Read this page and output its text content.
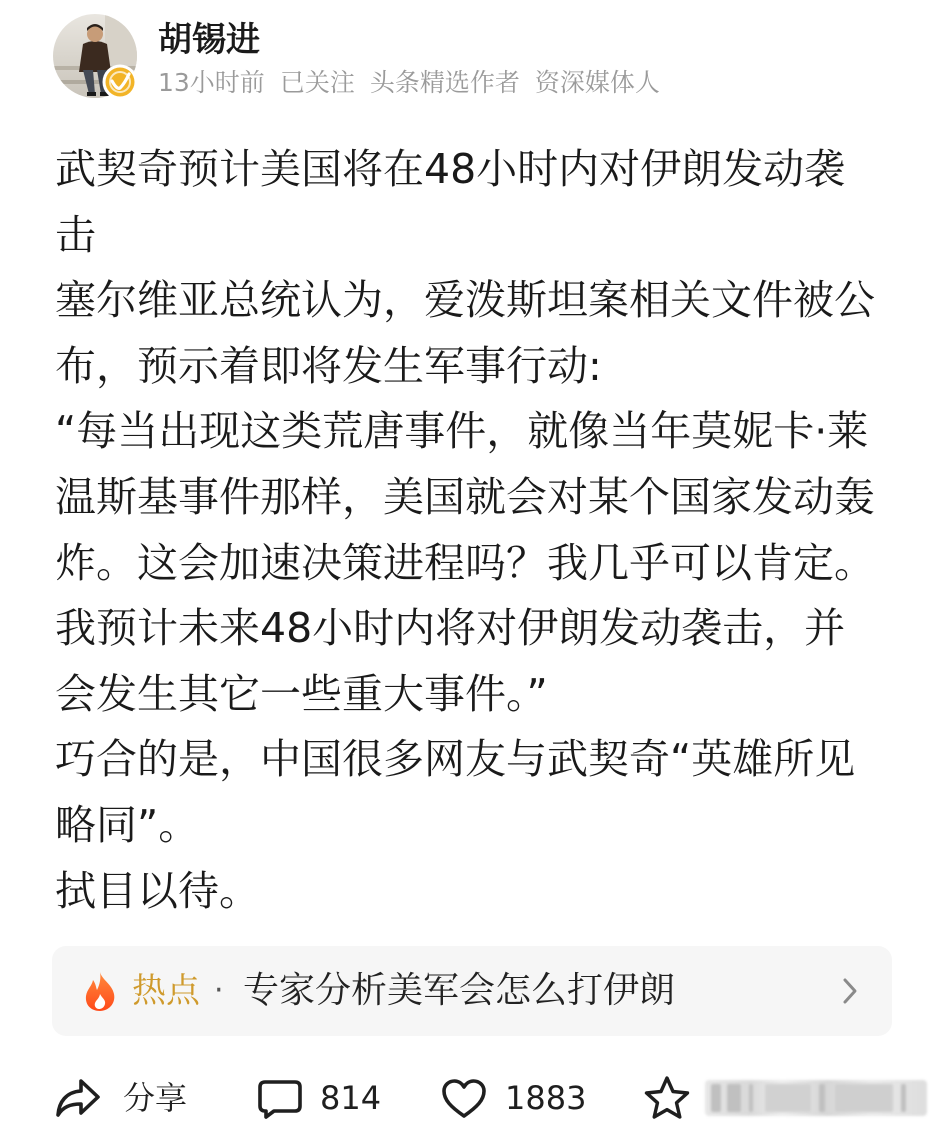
胡锡进
13小时前 已关注 头条精选作者 资深媒体人
武契奇预计美国将在48小时内对伊朗发动袭
击
塞尔维亚总统认为，爱泼斯坦案相关文件被公
布，预示着即将发生军事行动:
“每当出现这类荒唐事件，就像当年莫妮卡·莱
温斯基事件那样，美国就会对某个国家发动轰
炸。这会加速决策进程吗？我几乎可以肯定。
我预计未来48小时内将对伊朗发动袭击，并
会发生其它一些重大事件。”
巧合的是，中国很多网友与武契奇“英雄所见
略同”。
拭目以待。
热点 · 专家分析美军会怎么打伊朗
分享	814	1883
